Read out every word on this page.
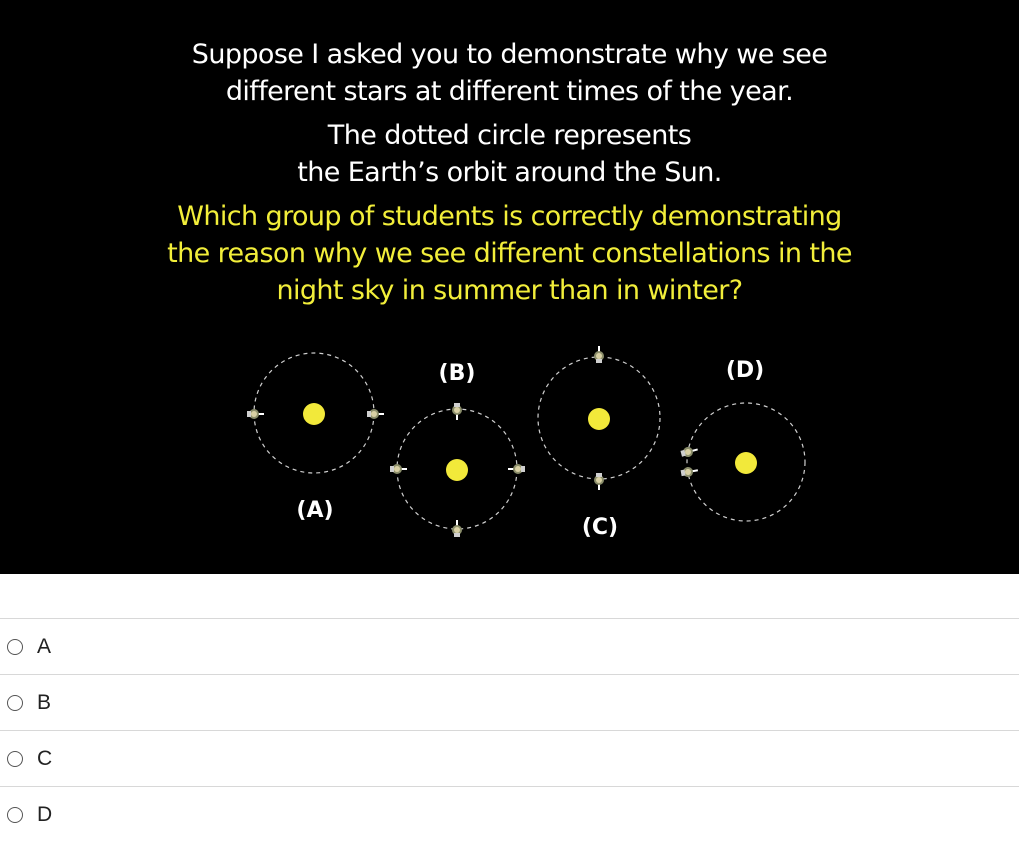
Suppose I asked you to demonstrate why we see
different stars at different times of the year.

The dotted circle represents
the Earth’s orbit around the Sun.

Which group of students is correctly demonstrating
the reason why we see different constellations in the
night sky in summer than in winter?

(A)
(B)
(C)
(D)
A
B
C
D
